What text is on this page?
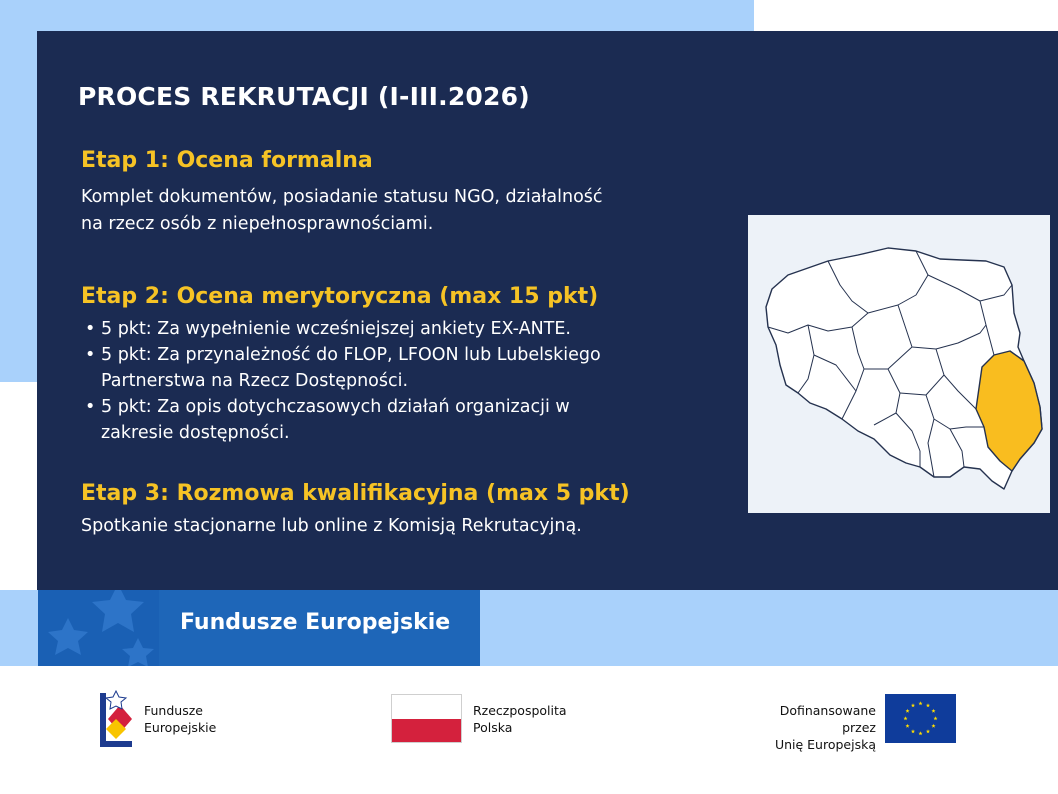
PROCES REKRUTACJI (I-III.2026)
Etap 1: Ocena formalna
Komplet dokumentów, posiadanie statusu NGO, działalność
na rzecz osób z niepełnosprawnościami.
Etap 2: Ocena merytoryczna (max 15 pkt)
• 5 pkt: Za wypełnienie wcześniejszej ankiety EX-ANTE.
• 5 pkt: Za przynależność do FLOP, LFOON lub Lubelskiego
Partnerstwa na Rzecz Dostępności.
• 5 pkt: Za opis dotychczasowych działań organizacji w
zakresie dostępności.
Etap 3: Rozmowa kwalifikacyjna (max 5 pkt)
Spotkanie stacjonarne lub online z Komisją Rekrutacyjną.
Fundusze Europejskie
Fundusze
Europejskie
Rzeczpospolita
Polska
Dofinansowane przez
Unię Europejską
